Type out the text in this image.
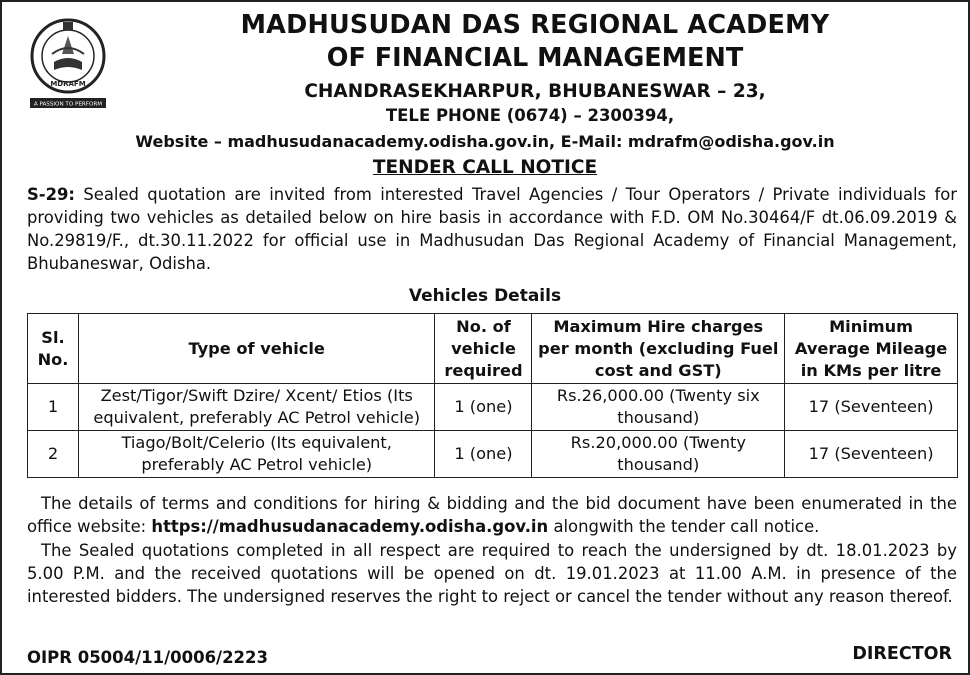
MDRAFM
A PASSION TO PERFORM
MADHUSUDAN DAS REGIONAL ACADEMY
OF FINANCIAL MANAGEMENT
CHANDRASEKHARPUR, BHUBANESWAR – 23,
TELE PHONE (0674) – 2300394,
Website – madhusudanacademy.odisha.gov.in, E-Mail: mdrafm@odisha.gov.in
TENDER CALL NOTICE
S-29: Sealed quotation are invited from interested Travel Agencies / Tour Operators / Private individuals for providing two vehicles as detailed below on hire basis in accordance with F.D. OM No.30464/F dt.06.09.2019 & No.29819/F., dt.30.11.2022 for official use in Madhusudan Das Regional Academy of Financial Management, Bhubaneswar, Odisha.
Vehicles Details
Sl. No.	Type of vehicle	No. of vehicle required	Maximum Hire charges per month (excluding Fuel cost and GST)	Minimum Average Mileage in KMs per litre
1	Zest/Tigor/Swift Dzire/ Xcent/ Etios (Its equivalent, preferably AC Petrol vehicle)	1 (one)	Rs.26,000.00 (Twenty six thousand)	17 (Seventeen)
2	Tiago/Bolt/Celerio (Its equivalent, preferably AC Petrol vehicle)	1 (one)	Rs.20,000.00 (Twenty thousand)	17 (Seventeen)
The details of terms and conditions for hiring & bidding and the bid document have been enumerated in the office website: https://madhusudanacademy.odisha.gov.in alongwith the tender call notice.
The Sealed quotations completed in all respect are required to reach the undersigned by dt. 18.01.2023 by 5.00 P.M. and the received quotations will be opened on dt. 19.01.2023 at 11.00 A.M. in presence of the interested bidders. The undersigned reserves the right to reject or cancel the tender without any reason thereof.
OIPR 05004/11/0006/2223	DIRECTOR
